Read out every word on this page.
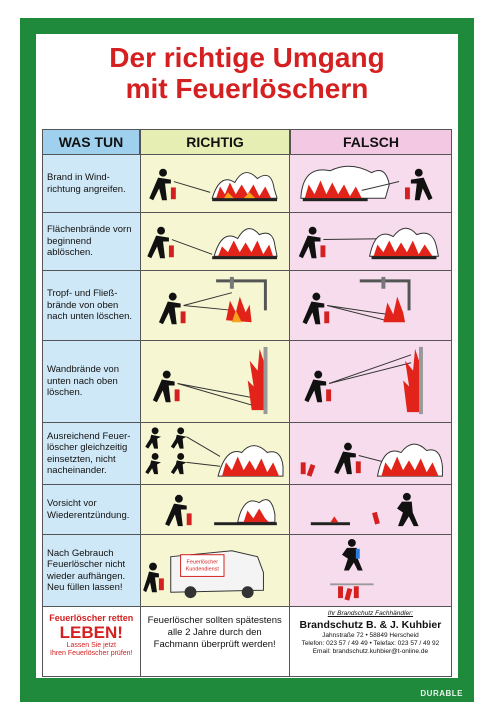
Der richtige Umgang
mit Feuerlöschern
WAS TUN	RICHTIG	FALSCH
Brand in Wind-richtung angreifen.
Flächenbrände vorn beginnend ablöschen.
Tropf- und Fließ-brände von oben nach unten löschen.
Wandbrände von unten nach oben löschen.
Ausreichend Feuer-löscher gleichzeitig einsetzten, nicht nacheinander.
Vorsicht vor Wiederentzündung.
Nach Gebrauch Feuerlöscher nicht wieder aufhängen. Neu füllen lassen!
Feuerlöscher
Kundendienst
Feuerlöscher retten
LEBEN!
Lassen Sie jetzt
Ihren Feuerlöscher prüfen!
Feuerlöscher sollten spätestens alle 2 Jahre durch den Fachmann überprüft werden!
Ihr Brandschutz Fachhändler:
Brandschutz B. & J. Kuhbier
Jahnstraße 72 • 58849 Herscheid
Telefon: 023 57 / 49 49 • Telefax: 023 57 / 49 92
Email: brandschutz.kuhbier@t-online.de
DURABLE
